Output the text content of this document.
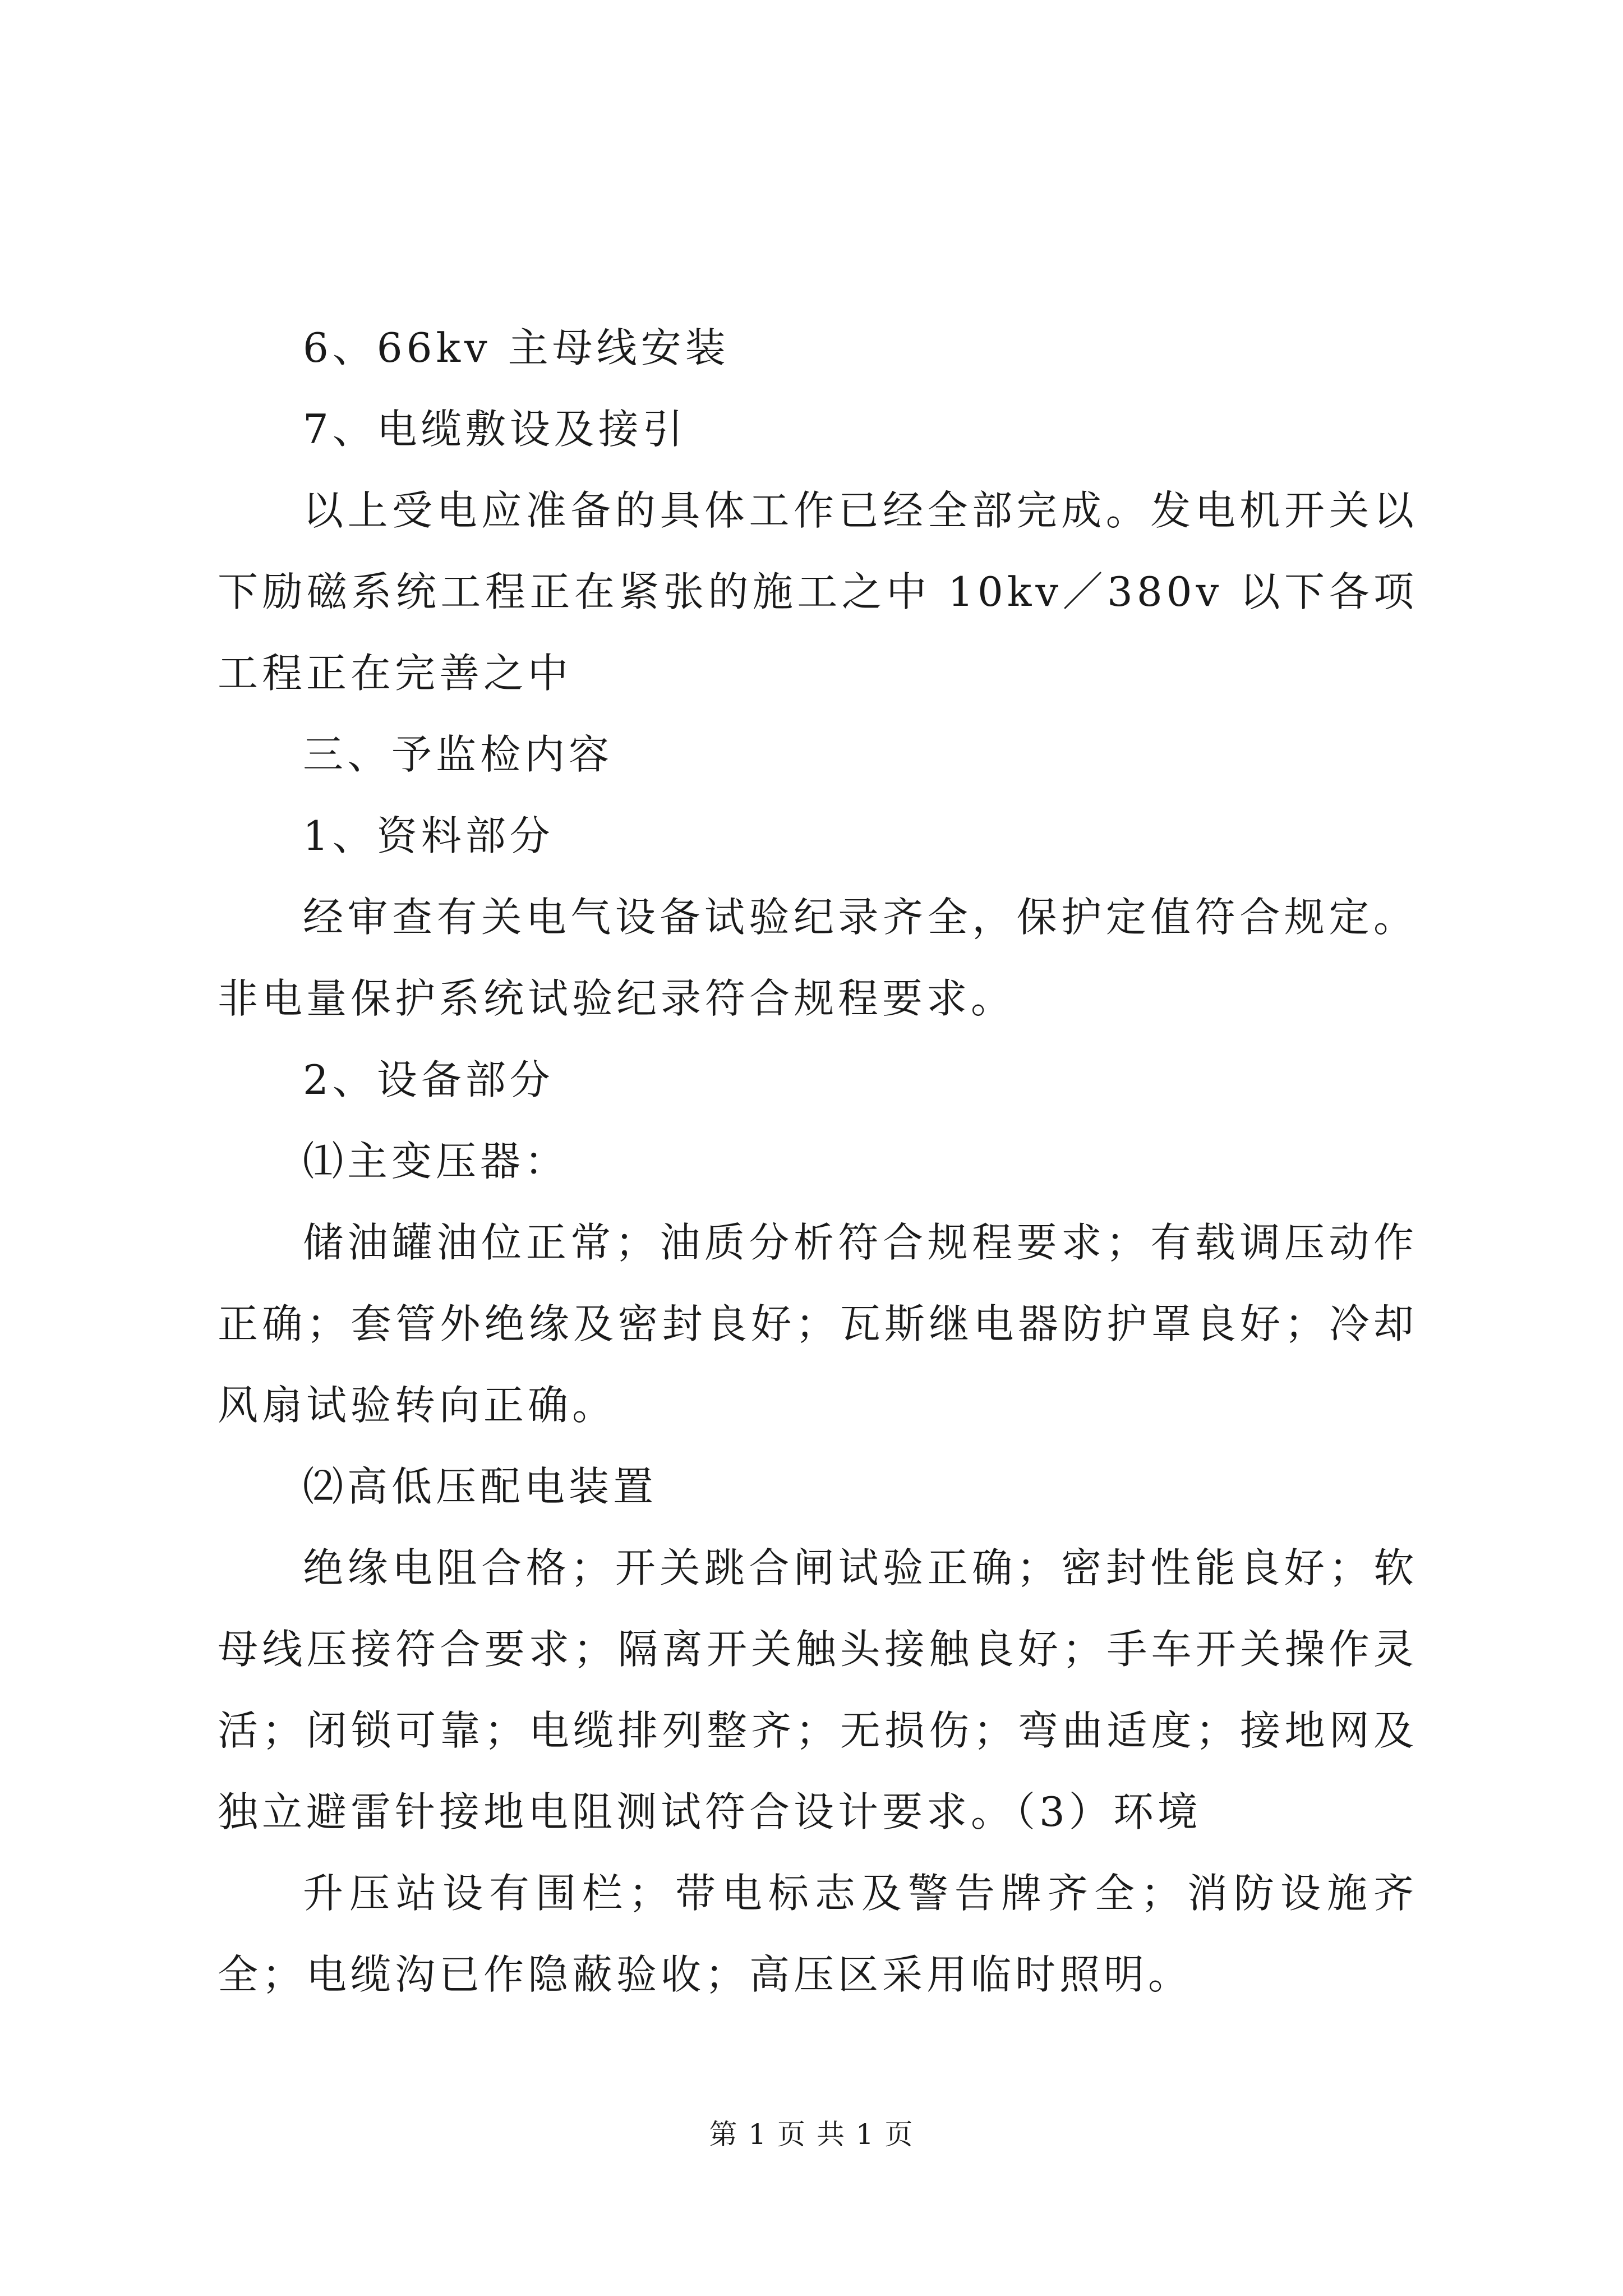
6、66kv 主母线安装

7、电缆敷设及接引

以上受电应准备的具体工作已经全部完成。发电机开关以下励磁系统工程正在紧张的施工之中 10kv／380v 以下各项工程正在完善之中

三、予监检内容

1、资料部分

经审查有关电气设备试验纪录齐全，保护定值符合规定。非电量保护系统试验纪录符合规程要求。

2、设备部分

⑴主变压器：

储油罐油位正常；油质分析符合规程要求；有载调压动作正确；套管外绝缘及密封良好；瓦斯继电器防护罩良好；冷却风扇试验转向正确。

⑵高低压配电装置

绝缘电阻合格；开关跳合闸试验正确；密封性能良好；软母线压接符合要求；隔离开关触头接触良好；手车开关操作灵活；闭锁可靠；电缆排列整齐；无损伤；弯曲适度；接地网及独立避雷针接地电阻测试符合设计要求。（3）环境

升压站设有围栏；带电标志及警告牌齐全；消防设施齐全；电缆沟已作隐蔽验收；高压区采用临时照明。

第 1 页 共 1 页
